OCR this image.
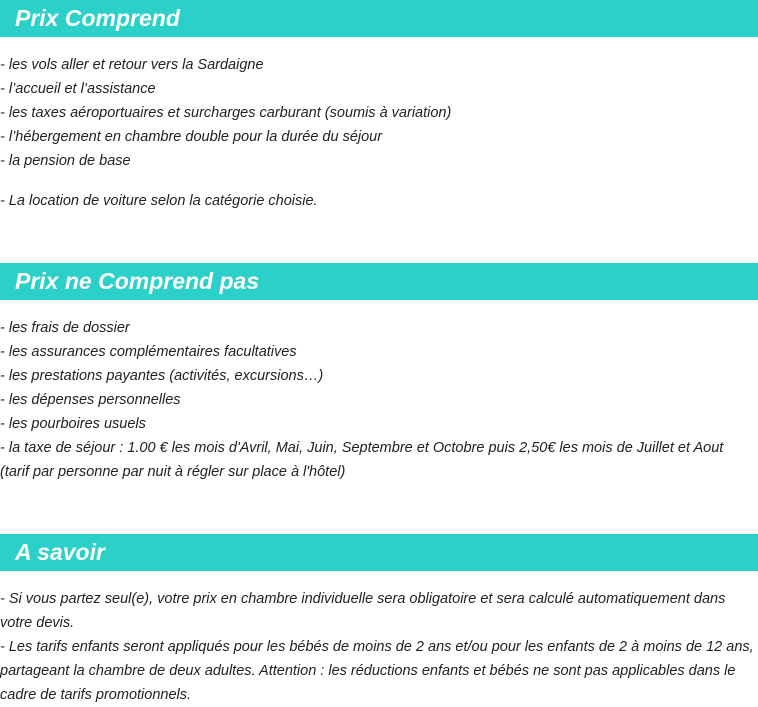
Prix Comprend
- les vols aller et retour vers la Sardaigne
- l’accueil et l’assistance
- les taxes aéroportuaires et surcharges carburant (soumis à variation)
- l’hébergement en chambre double pour la durée du séjour
- la pension de base
- La location de voiture selon la catégorie choisie.
Prix ne Comprend pas
- les frais de dossier
- les assurances complémentaires facultatives
- les prestations payantes (activités, excursions…)
- les dépenses personnelles
- les pourboires usuels
- la taxe de séjour : 1.00 € les mois d'Avril, Mai, Juin, Septembre et Octobre puis 2,50€ les mois de Juillet et Aout (tarif par personne par nuit à régler sur place à l'hôtel)
A savoir
- Si vous partez seul(e), votre prix en chambre individuelle sera obligatoire et sera calculé automatiquement dans votre devis.
- Les tarifs enfants seront appliqués pour les bébés de moins de 2 ans et/ou pour les enfants de 2 à moins de 12 ans, partageant la chambre de deux adultes. Attention : les réductions enfants et bébés ne sont pas applicables dans le cadre de tarifs promotionnels.
